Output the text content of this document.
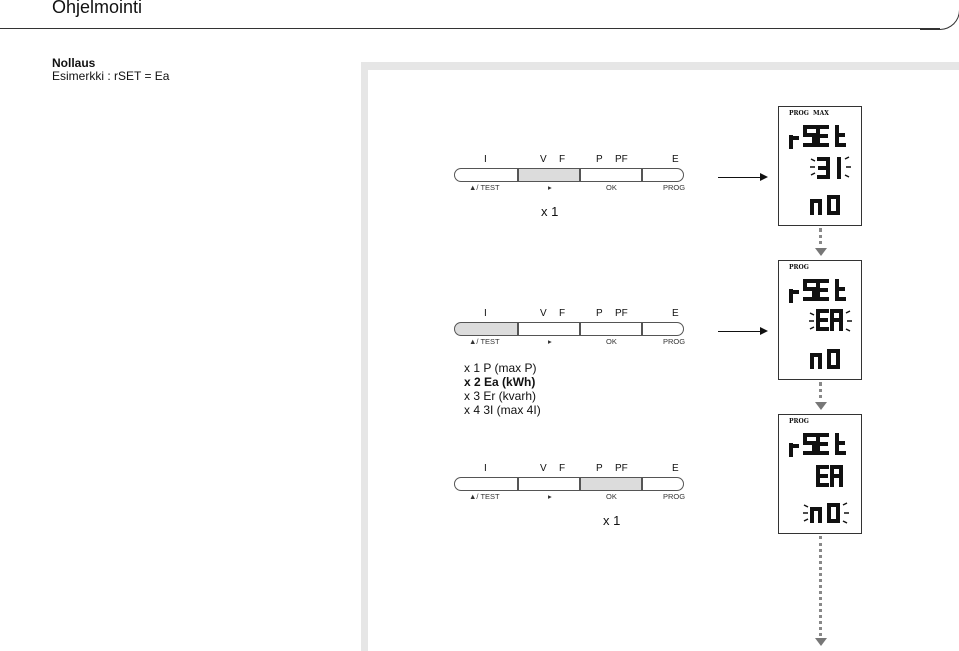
Ohjelmointi
Nollaus
Esimerkki : rSET = Ea
I	V F	P PF	E
▲/ TEST	▸	OK	PROG
x 1
I	V F	P PF	E
▲/ TEST	▸	OK	PROG
x 1 P (max P)
x 2 Ea (kWh)
x 3 Er (kvarh)
x 4 3I (max 4I)
I	V F	P PF	E
▲/ TEST	▸	OK	PROG
x 1
PROG MAX
PROG
PROG
